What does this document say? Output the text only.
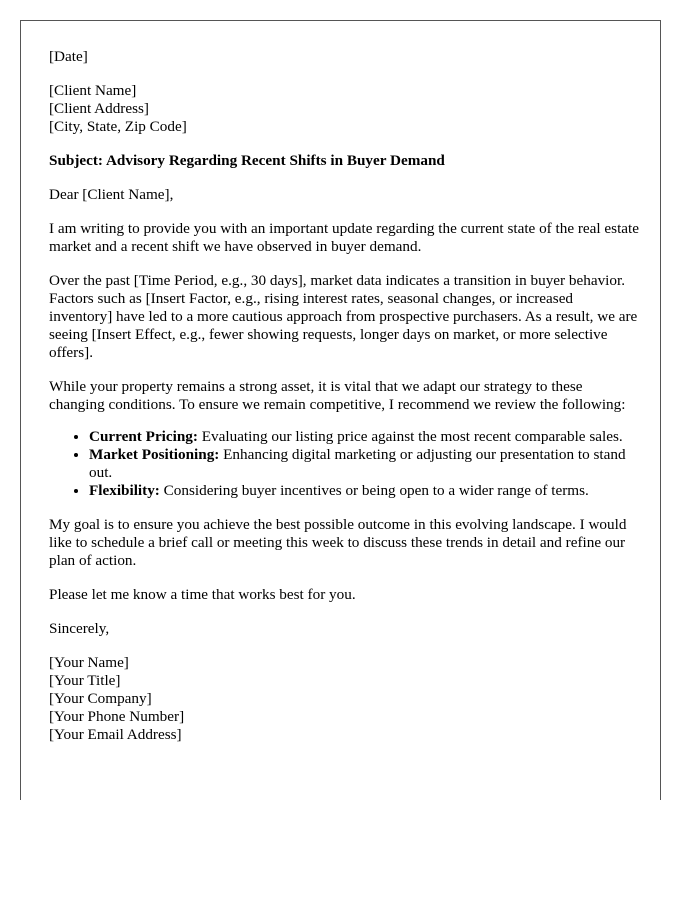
[Date]

[Client Name]
[Client Address]
[City, State, Zip Code]

Subject: Advisory Regarding Recent Shifts in Buyer Demand

Dear [Client Name],

I am writing to provide you with an important update regarding the current state of the real estate market and a recent shift we have observed in buyer demand.

Over the past [Time Period, e.g., 30 days], market data indicates a transition in buyer behavior. Factors such as [Insert Factor, e.g., rising interest rates, seasonal changes, or increased inventory] have led to a more cautious approach from prospective purchasers. As a result, we are seeing [Insert Effect, e.g., fewer showing requests, longer days on market, or more selective offers].

While your property remains a strong asset, it is vital that we adapt our strategy to these changing conditions. To ensure we remain competitive, I recommend we review the following:

• Current Pricing: Evaluating our listing price against the most recent comparable sales.
• Market Positioning: Enhancing digital marketing or adjusting our presentation to stand out.
• Flexibility: Considering buyer incentives or being open to a wider range of terms.

My goal is to ensure you achieve the best possible outcome in this evolving landscape. I would like to schedule a brief call or meeting this week to discuss these trends in detail and refine our plan of action.

Please let me know a time that works best for you.

Sincerely,

[Your Name]
[Your Title]
[Your Company]
[Your Phone Number]
[Your Email Address]
